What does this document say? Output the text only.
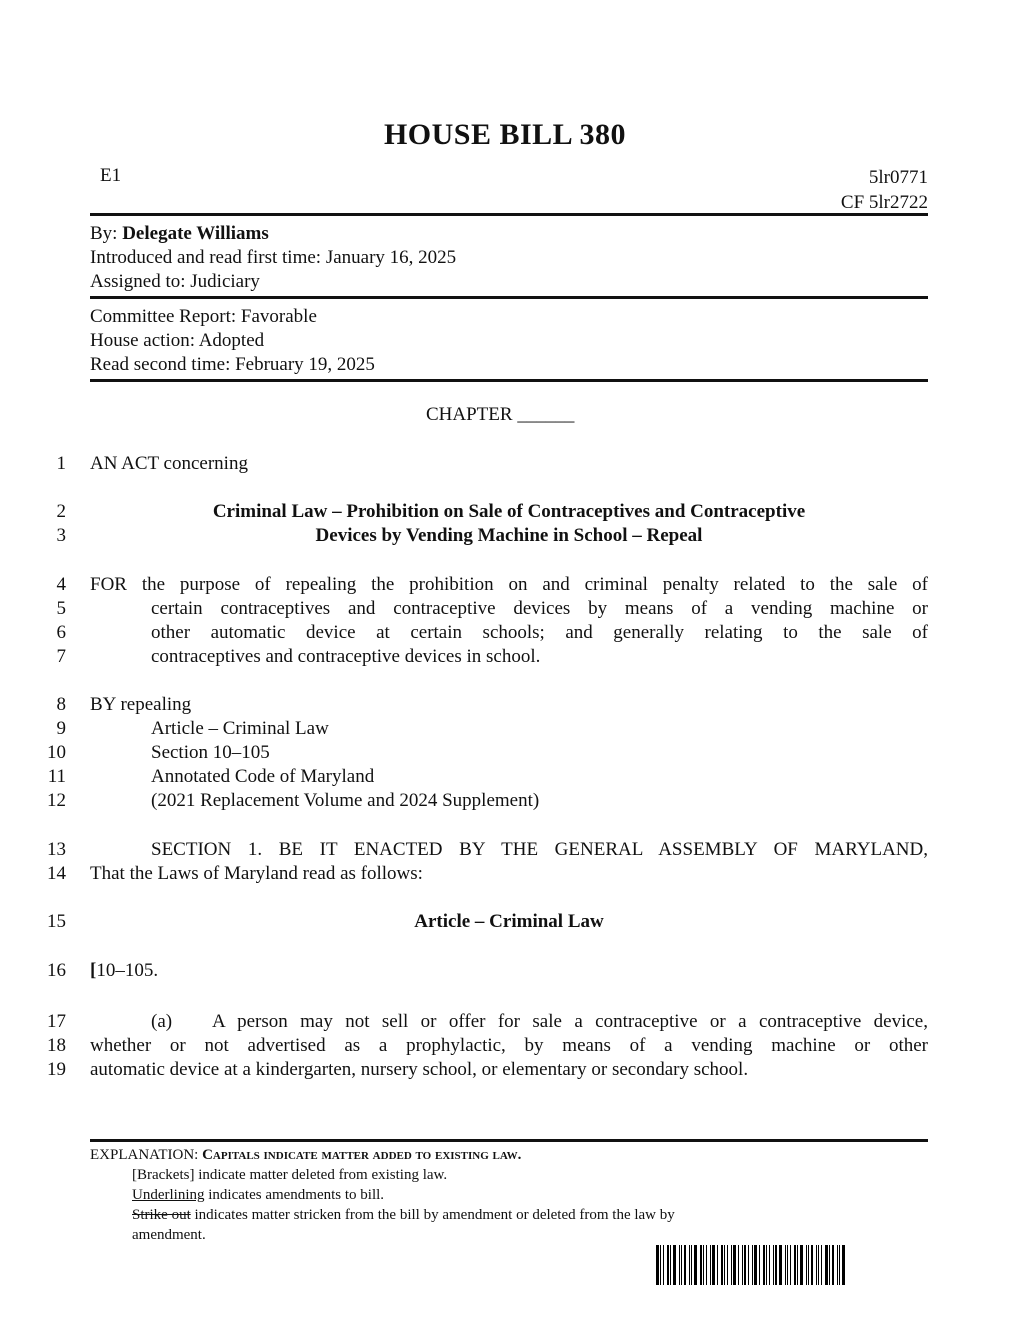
HOUSE BILL 380
E1	5lr0771
CF 5lr2722
By: Delegate Williams
Introduced and read first time: January 16, 2025
Assigned to: Judiciary
Committee Report: Favorable
House action: Adopted
Read second time: February 19, 2025
CHAPTER ______
1
2
3
4
5
6
7
8
9
10
11
12
13
14
15
16
17
18
19
AN ACT concerning
Criminal Law – Prohibition on Sale of Contraceptives and Contraceptive
Devices by Vending Machine in School – Repeal
FOR the purpose of repealing the prohibition on and criminal penalty related to the sale of
certain contraceptives and contraceptive devices by means of a vending machine or
other automatic device at certain schools; and generally relating to the sale of
contraceptives and contraceptive devices in school.
BY repealing
Article – Criminal Law
Section 10–105
Annotated Code of Maryland
(2021 Replacement Volume and 2024 Supplement)
SECTION 1. BE IT ENACTED BY THE GENERAL ASSEMBLY OF MARYLAND,
That the Laws of Maryland read as follows:
Article – Criminal Law
[10–105.
(a) A person may not sell or offer for sale a contraceptive or a contraceptive device,
whether or not advertised as a prophylactic, by means of a vending machine or other
automatic device at a kindergarten, nursery school, or elementary or secondary school.
EXPLANATION: Capitals indicate matter added to existing law.
[Brackets] indicate matter deleted from existing law.
Underlining indicates amendments to bill.
Strike out indicates matter stricken from the bill by amendment or deleted from the law by
amendment.
